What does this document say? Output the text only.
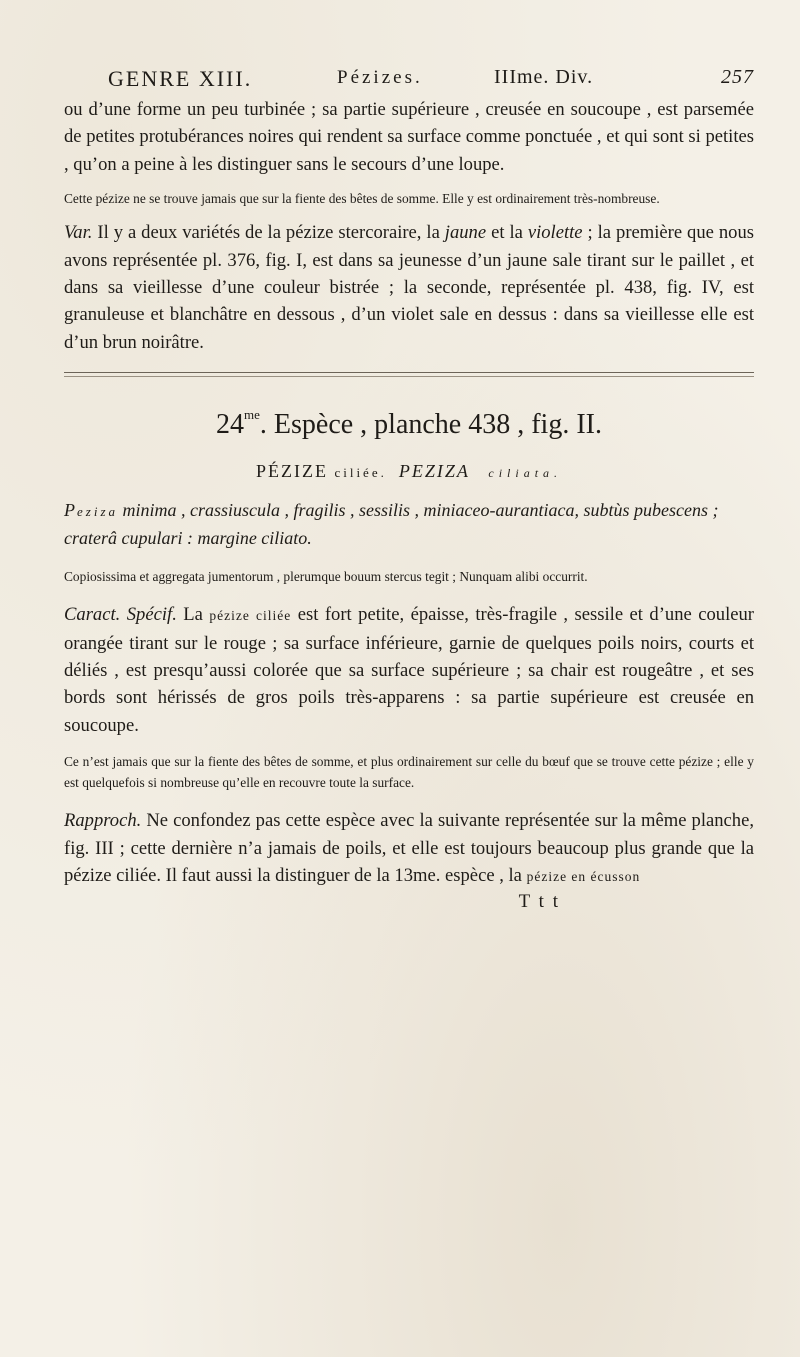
GENRE XIII.	Pézizes.	IIIme. Div.	257

ou d’une forme un peu turbinée ; sa partie supérieure , creusée en soucoupe , est parsemée de petites protubérances noires qui rendent sa surface comme ponctuée , et qui sont si petites , qu’on a peine à les distinguer sans le secours d’une loupe.

Cette pézize ne se trouve jamais que sur la fiente des bêtes de somme. Elle y est ordinairement très-nombreuse.

Var. Il y a deux variétés de la pézize stercoraire, la jaune et la violette ; la première que nous avons représentée pl. 376, fig. I, est dans sa jeunesse d’un jaune sale tirant sur le paillet , et dans sa vieillesse d’une couleur bistrée ; la seconde, représentée pl. 438, fig. IV, est granuleuse et blanchâtre en dessous , d’un violet sale en dessus : dans sa vieillesse elle est d’un brun noirâtre.

$24^{me}$. Espèce , planche 438 , fig. II.
PÉZIZE ciliée. PEZIZA ciliata.

Peziza minima , crassiuscula , fragilis , sessilis , miniaceo-aurantiaca, subtùs pubescens ; craterâ cupulari : margine ciliato.

Copiosissima et aggregata jumentorum , plerumque bouum stercus tegit ; Nunquam alibi occurrit.

Caract. Spécif. La pézize ciliée est fort petite, épaisse, très-fragile , sessile et d’une couleur orangée tirant sur le rouge ; sa surface inférieure, garnie de quelques poils noirs, courts et déliés , est presqu’aussi colorée que sa surface supérieure ; sa chair est rougeâtre , et ses bords sont hérissés de gros poils très-apparens : sa partie supérieure est creusée en soucoupe.

Ce n’est jamais que sur la fiente des bêtes de somme, et plus ordinairement sur celle du bœuf que se trouve cette pézize ; elle y est quelquefois si nombreuse qu’elle en recouvre toute la surface.

Rapproch. Ne confondez pas cette espèce avec la suivante représentée sur la même planche, fig. III ; cette dernière n’a jamais de poils, et elle est toujours beaucoup plus grande que la pézize ciliée. Il faut aussi la distinguer de la 13me. espèce , la pézize en écusson

T t t
